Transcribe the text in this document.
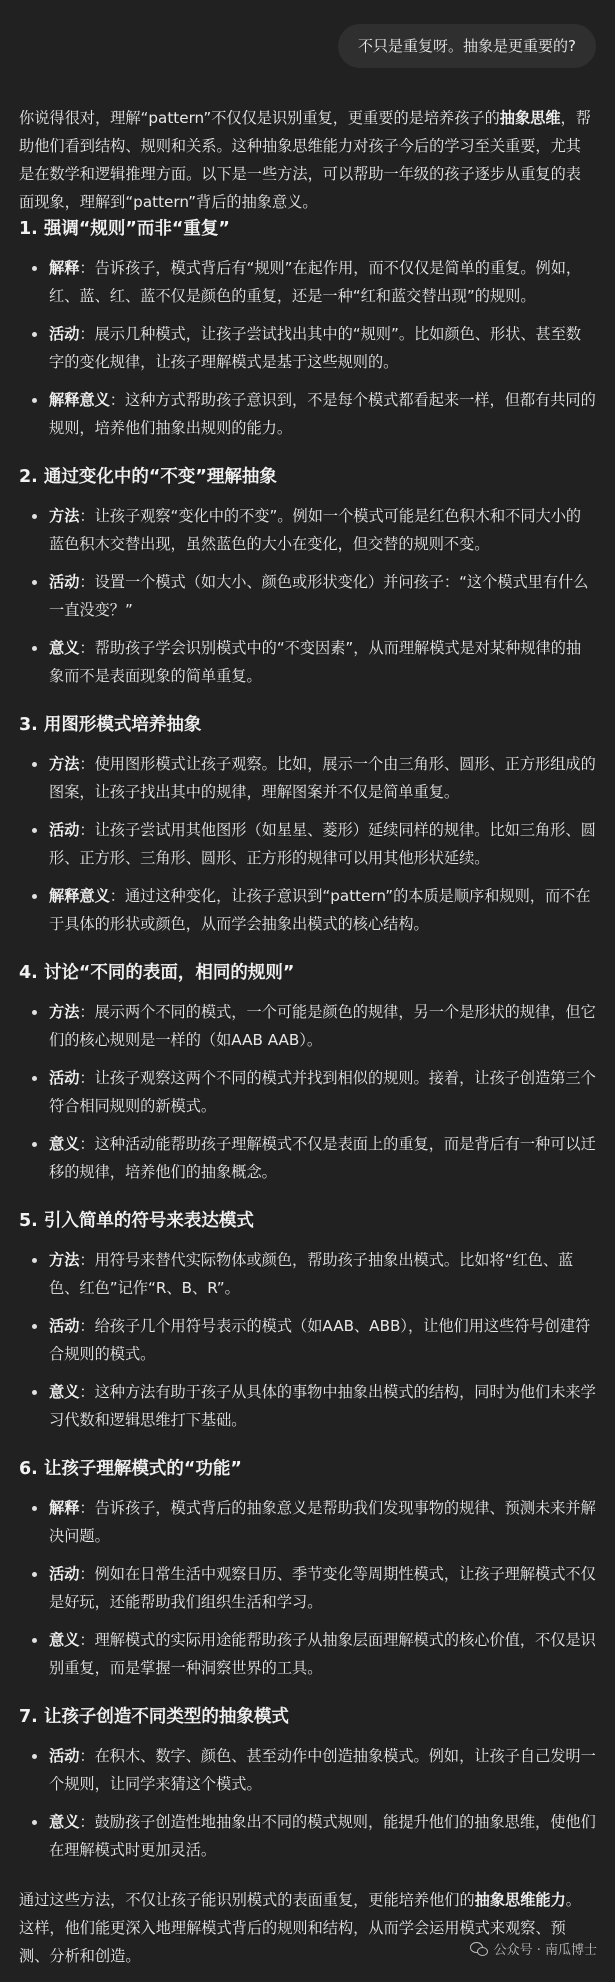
不只是重复呀。抽象是更重要的?

你说得很对，理解“pattern”不仅仅是识别重复，更重要的是培养孩子的抽象思维，帮助他们看到结构、规则和关系。这种抽象思维能力对孩子今后的学习至关重要，尤其是在数学和逻辑推理方面。以下是一些方法，可以帮助一年级的孩子逐步从重复的表面现象，理解到“pattern”背后的抽象意义。

1. 强调“规则”而非“重复”
解释：告诉孩子，模式背后有“规则”在起作用，而不仅仅是简单的重复。例如，红、蓝、红、蓝不仅是颜色的重复，还是一种“红和蓝交替出现”的规则。
活动：展示几种模式，让孩子尝试找出其中的“规则”。比如颜色、形状、甚至数字的变化规律，让孩子理解模式是基于这些规则的。
解释意义：这种方式帮助孩子意识到，不是每个模式都看起来一样，但都有共同的规则，培养他们抽象出规则的能力。
2. 通过变化中的“不变”理解抽象
方法：让孩子观察“变化中的不变”。例如一个模式可能是红色积木和不同大小的蓝色积木交替出现，虽然蓝色的大小在变化，但交替的规则不变。
活动：设置一个模式（如大小、颜色或形状变化）并问孩子：“这个模式里有什么一直没变？”
意义：帮助孩子学会识别模式中的“不变因素”，从而理解模式是对某种规律的抽象而不是表面现象的简单重复。
3. 用图形模式培养抽象
方法：使用图形模式让孩子观察。比如，展示一个由三角形、圆形、正方形组成的图案，让孩子找出其中的规律，理解图案并不仅是简单重复。
活动：让孩子尝试用其他图形（如星星、菱形）延续同样的规律。比如三角形、圆形、正方形、三角形、圆形、正方形的规律可以用其他形状延续。
解释意义：通过这种变化，让孩子意识到“pattern”的本质是顺序和规则，而不在于具体的形状或颜色，从而学会抽象出模式的核心结构。
4. 讨论“不同的表面，相同的规则”
方法：展示两个不同的模式，一个可能是颜色的规律，另一个是形状的规律，但它们的核心规则是一样的（如AAB AAB）。
活动：让孩子观察这两个不同的模式并找到相似的规则。接着，让孩子创造第三个符合相同规则的新模式。
意义：这种活动能帮助孩子理解模式不仅是表面上的重复，而是背后有一种可以迁移的规律，培养他们的抽象概念。
5. 引入简单的符号来表达模式
方法：用符号来替代实际物体或颜色，帮助孩子抽象出模式。比如将“红色、蓝色、红色”记作“R、B、R”。
活动：给孩子几个用符号表示的模式（如AAB、ABB），让他们用这些符号创建符合规则的模式。
意义：这种方法有助于孩子从具体的事物中抽象出模式的结构，同时为他们未来学习代数和逻辑思维打下基础。
6. 让孩子理解模式的“功能”
解释：告诉孩子，模式背后的抽象意义是帮助我们发现事物的规律、预测未来并解决问题。
活动：例如在日常生活中观察日历、季节变化等周期性模式，让孩子理解模式不仅是好玩，还能帮助我们组织生活和学习。
意义：理解模式的实际用途能帮助孩子从抽象层面理解模式的核心价值，不仅是识别重复，而是掌握一种洞察世界的工具。
7. 让孩子创造不同类型的抽象模式
活动：在积木、数字、颜色、甚至动作中创造抽象模式。例如，让孩子自己发明一个规则，让同学来猜这个模式。
意义：鼓励孩子创造性地抽象出不同的模式规则，能提升他们的抽象思维，使他们在理解模式时更加灵活。

通过这些方法，不仅让孩子能识别模式的表面重复，更能培养他们的抽象思维能力。这样，他们能更深入地理解模式背后的规则和结构，从而学会运用模式来观察、预测、分析和创造。	公众号 · 南瓜博士
